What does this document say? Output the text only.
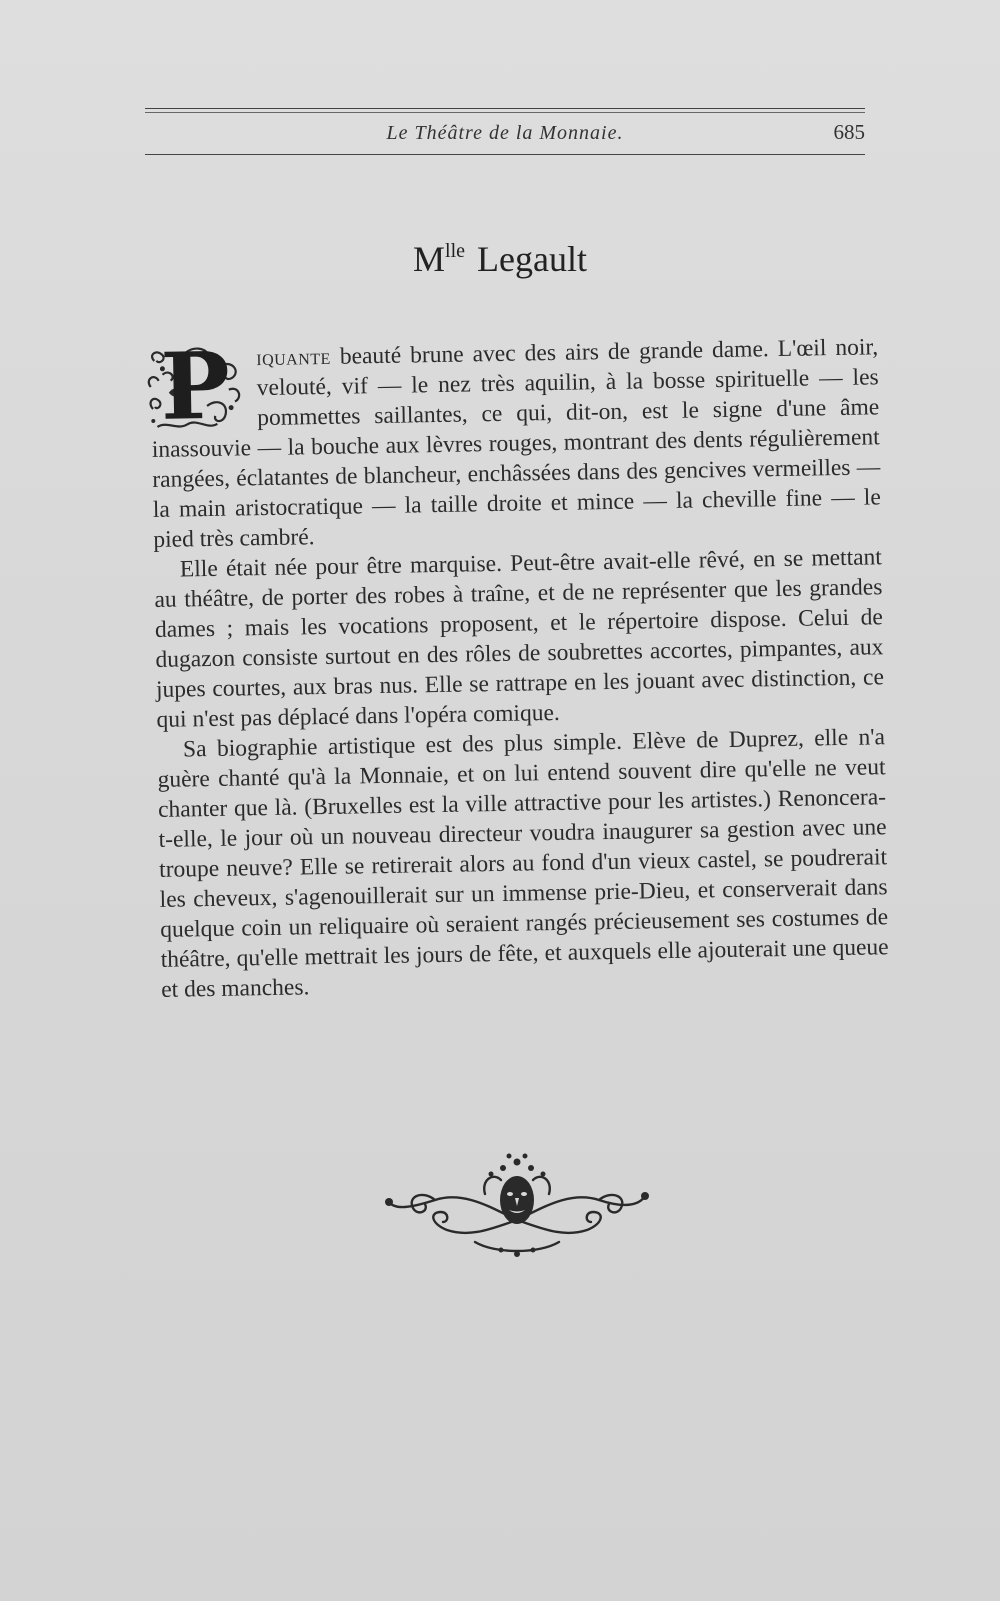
Le Théâtre de la Monnaie.	685
$M^{lle}$ Legault

P iquante beauté brune avec des airs de grande dame. L'œil noir, velouté, vif — le nez très aquilin, à la bosse spirituelle — les pommettes saillantes, ce qui, dit-on, est le signe d'une âme inassouvie — la bouche aux lèvres rouges, montrant des dents régulièrement rangées, éclatantes de blancheur, enchâssées dans des gencives vermeilles — la main aristocratique — la taille droite et mince — la cheville fine — le pied très cambré.

Elle était née pour être marquise. Peut-être avait-elle rêvé, en se mettant au théâtre, de porter des robes à traîne, et de ne représenter que les grandes dames ; mais les vocations proposent, et le répertoire dispose. Celui de dugazon consiste surtout en des rôles de soubrettes accortes, pimpantes, aux jupes courtes, aux bras nus. Elle se rattrape en les jouant avec distinction, ce qui n'est pas déplacé dans l'opéra comique.

Sa biographie artistique est des plus simple. Elève de Duprez, elle n'a guère chanté qu'à la Monnaie, et on lui entend souvent dire qu'elle ne veut chanter que là. (Bruxelles est la ville attractive pour les artistes.) Renoncera-t-elle, le jour où un nouveau directeur voudra inaugurer sa gestion avec une troupe neuve? Elle se retirerait alors au fond d'un vieux castel, se poudrerait les cheveux, s'agenouillerait sur un immense prie-Dieu, et conserverait dans quelque coin un reliquaire où seraient rangés précieusement ses costumes de théâtre, qu'elle mettrait les jours de fête, et auxquels elle ajouterait une queue et des manches.
